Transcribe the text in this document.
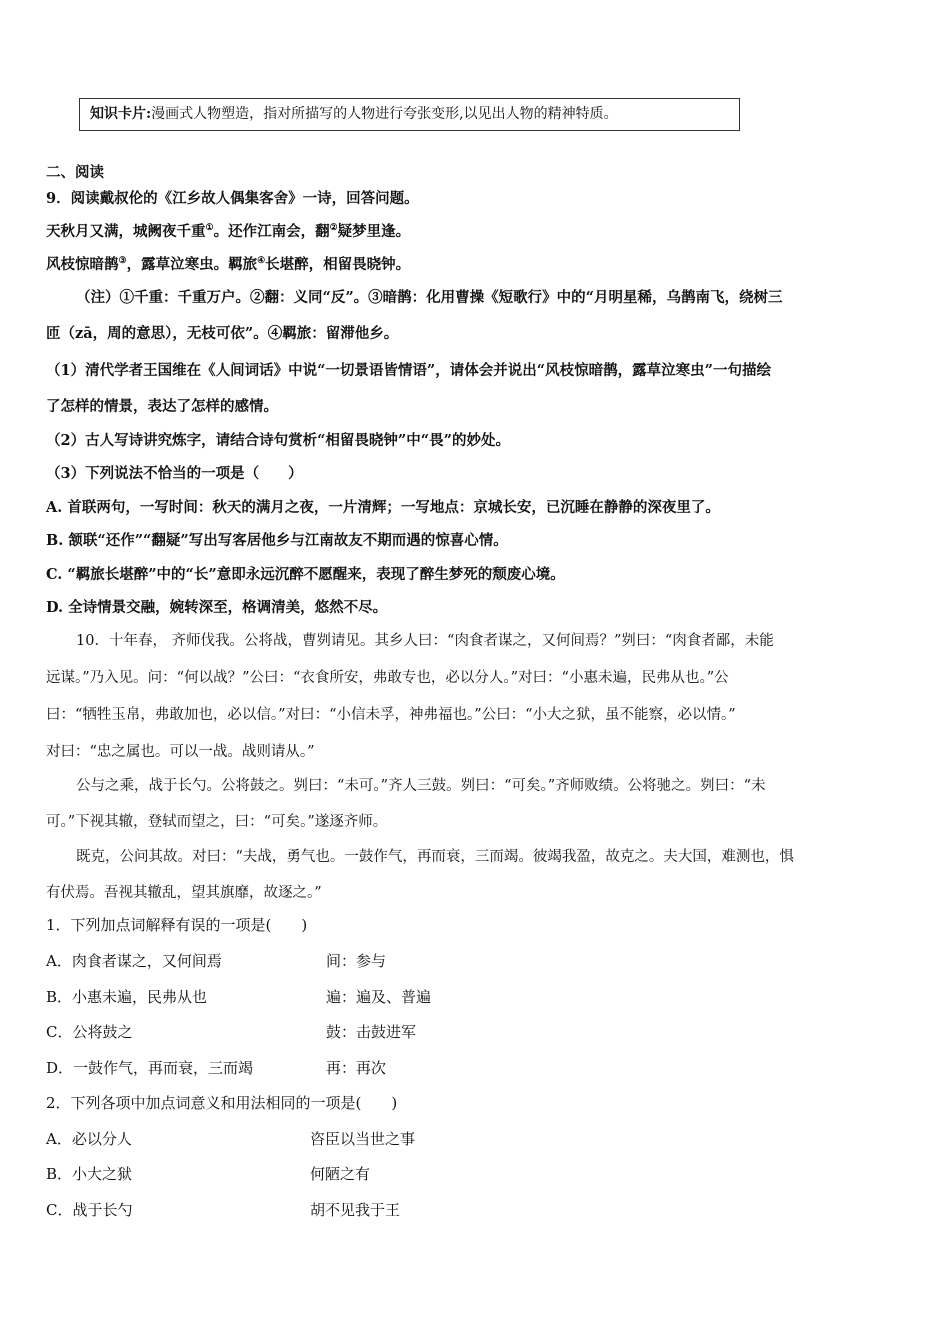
知识卡片:漫画式人物塑造，指对所描写的人物进行夸张变形,以见出人物的精神特质。
二、阅读
9．阅读戴叔伦的《江乡故人偶集客舍》一诗，回答问题。
天秋月又满，城阙夜千重①。还作江南会，翻②疑梦里逢。
风枝惊暗鹊③，露草泣寒虫。羁旅④长堪醉，相留畏晓钟。
（注）①千重：千重万户。②翻：义同“反”。③暗鹊：化用曹操《短歌行》中的“月明星稀，乌鹊南飞，绕树三
匝（zā，周的意思），无枝可依”。④羁旅：留滞他乡。
（1）清代学者王国维在《人间词话》中说“一切景语皆情语”，请体会并说出“风枝惊暗鹊，露草泣寒虫”一句描绘
了怎样的情景，表达了怎样的感情。
（2）古人写诗讲究炼字，请结合诗句赏析“相留畏晓钟”中“畏”的妙处。
（3）下列说法不恰当的一项是（　　）
A. 首联两句，一写时间：秋天的满月之夜，一片清辉；一写地点：京城长安，已沉睡在静静的深夜里了。
B. 颔联“还作”“翻疑”写出写客居他乡与江南故友不期而遇的惊喜心情。
C. “羁旅长堪醉”中的“长”意即永远沉醉不愿醒来，表现了醉生梦死的颓废心境。
D. 全诗情景交融，婉转深至，格调清美，悠然不尽。
10．十年春， 齐师伐我。公将战，曹刿请见。其乡人曰：“肉食者谋之，又何间焉？”刿曰：“肉食者鄙，未能
远谋。”乃入见。问：“何以战？”公曰：“衣食所安，弗敢专也，必以分人。”对曰：“小惠未遍，民弗从也。”公
曰：“牺牲玉帛，弗敢加也，必以信。”对曰：“小信未孚，神弗福也。”公曰：“小大之狱，虽不能察，必以情。”
对曰：“忠之属也。可以一战。战则请从。”
公与之乘，战于长勺。公将鼓之。刿曰：“未可。”齐人三鼓。刿曰：“可矣。”齐师败绩。公将驰之。刿曰：“未
可。”下视其辙，登轼而望之，曰：“可矣。”遂逐齐师。
既克，公问其故。对曰：“夫战，勇气也。一鼓作气，再而衰，三而竭。彼竭我盈，故克之。夫大国，难测也，惧
有伏焉。吾视其辙乱，望其旗靡，故逐之。”
1．下列加点词解释有误的一项是(　　)
A．肉食者谋之，又何间焉	间：参与
B．小惠未遍，民弗从也	遍：遍及、普遍
C．公将鼓之	鼓：击鼓进军
D．一鼓作气，再而衰，三而竭	再：再次
2．下列各项中加点词意义和用法相同的一项是(　　)
A．必以分人	咨臣以当世之事
B．小大之狱	何陋之有
C．战于长勺	胡不见我于王
